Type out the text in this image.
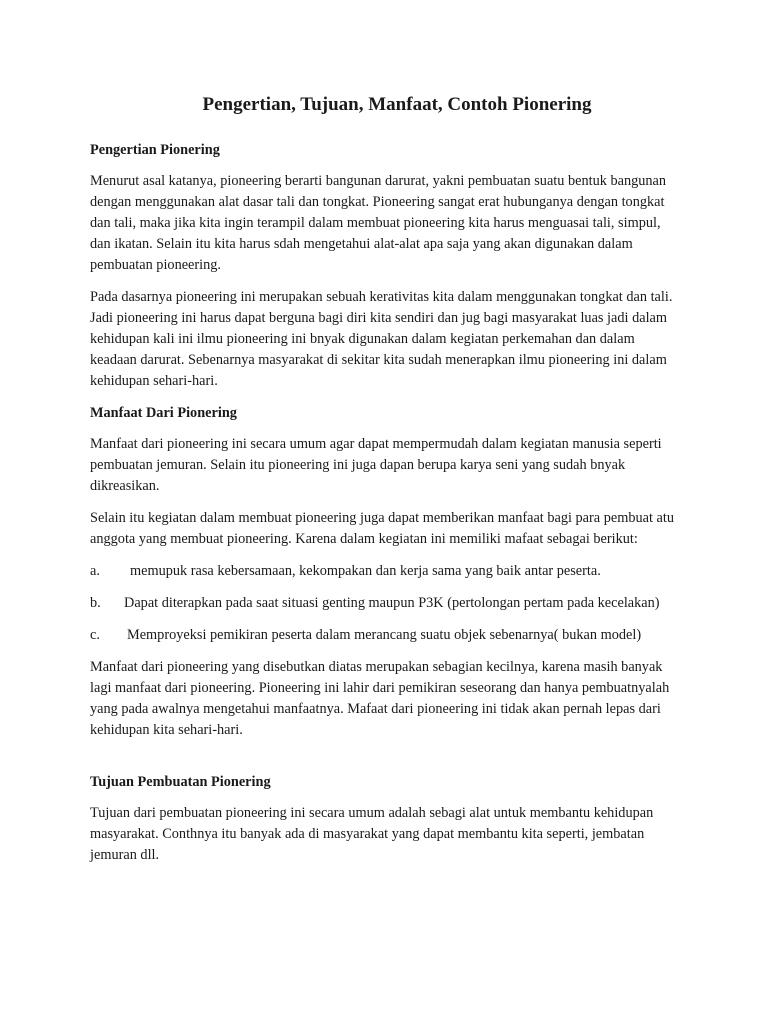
Pengertian, Tujuan, Manfaat, Contoh Pionering
Pengertian Pionering

Menurut asal katanya, pioneering berarti bangunan darurat, yakni pembuatan suatu bentuk bangunan dengan menggunakan alat dasar tali dan tongkat. Pioneering sangat erat hubunganya dengan tongkat dan tali, maka jika kita ingin terampil dalam membuat pioneering kita harus menguasai tali, simpul, dan ikatan. Selain itu kita harus sdah mengetahui alat-alat apa saja yang akan digunakan dalam pembuatan pioneering.

Pada dasarnya pioneering ini merupakan sebuah kerativitas kita dalam menggunakan tongkat dan tali. Jadi pioneering ini harus dapat berguna bagi diri kita sendiri dan jug bagi masyarakat luas jadi dalam kehidupan kali ini ilmu pioneering ini bnyak digunakan dalam kegiatan perkemahan dan dalam keadaan darurat. Sebenarnya masyarakat di sekitar kita sudah menerapkan ilmu pioneering ini dalam kehidupan sehari-hari.

Manfaat Dari Pionering

Manfaat dari pioneering ini secara umum agar dapat mempermudah dalam kegiatan manusia seperti pembuatan jemuran. Selain itu pioneering ini juga dapan berupa karya seni yang sudah bnyak dikreasikan.

Selain itu kegiatan dalam membuat pioneering juga dapat memberikan manfaat bagi para pembuat atu anggota yang membuat pioneering. Karena dalam kegiatan ini memiliki mafaat sebagai berikut:

a.	memupuk rasa kebersamaan, kekompakan dan kerja sama yang baik antar peserta.
b.	Dapat diterapkan pada saat situasi genting maupun P3K (pertolongan pertam pada kecelakan)
c.	Memproyeksi pemikiran peserta dalam merancang suatu objek sebenarnya( bukan model)

Manfaat dari pioneering yang disebutkan diatas merupakan sebagian kecilnya, karena masih banyak lagi manfaat dari pioneering. Pioneering ini lahir dari pemikiran seseorang dan hanya pembuatnyalah yang pada awalnya mengetahui manfaatnya. Mafaat dari pioneering ini tidak akan pernah lepas dari kehidupan kita sehari-hari.

Tujuan Pembuatan Pionering

Tujuan dari pembuatan pioneering ini secara umum adalah sebagi alat untuk membantu kehidupan masyarakat. Conthnya itu banyak ada di masyarakat yang dapat membantu kita seperti, jembatan jemuran dll.
